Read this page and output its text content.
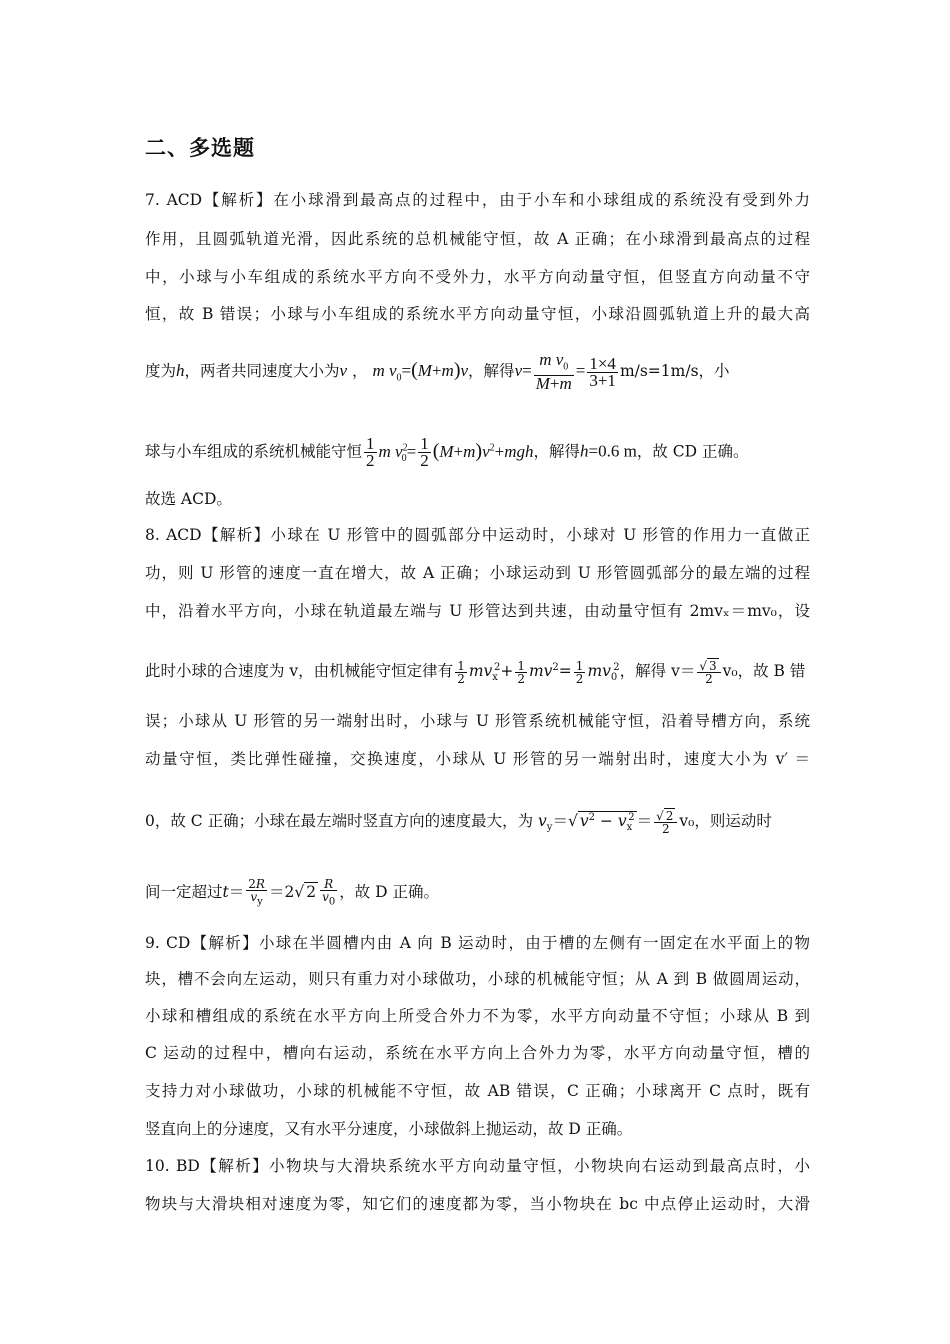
二、多选题
7. ACD【解析】在小球滑到最高点的过程中，由于小车和小球组成的系统没有受到外力
作用，且圆弧轨道光滑，因此系统的总机械能守恒，故 A 正确；在小球滑到最高点的过程
中，小球与小车组成的系统水平方向不受外力，水平方向动量守恒，但竖直方向动量不守
恒，故 B 错误；小球与小车组成的系统水平方向动量守恒，小球沿圆弧轨道上升的最大高
度为h，两者共同速度大小为v ， m $v_0=(M+m)v$，解得$v= \frac{m v_0}{M+m} = \frac{1\times 4}{3+1} m/s=1m/s$，小
球与小车组成的系统机械能守恒 $\frac{1}{2}$ m $v^2_0= \frac{1}{2} (M+m)v^2+mgh$，解得h=0.6 m，故 CD 正确。
故选 ACD。
8. ACD【解析】小球在 U 形管中的圆弧部分中运动时，小球对 U 形管的作用力一直做正
功，则 U 形管的速度一直在增大，故 A 正确；小球运动到 U 形管圆弧部分的最左端的过程
中，沿着水平方向，小球在轨道最左端与 U 形管达到共速，由动量守恒有 2mvₓ＝mv₀，设
此时小球的合速度为 v，由机械能守恒定律有 $\frac{1}{2} mv_x^2+ \frac{1}{2} mv^2= \frac{1}{2} mv_0^2$，解得 $v= \frac{√ 3}{2} v_0$，故 B 错
误；小球从 U 形管的另一端射出时，小球与 U 形管系统机械能守恒，沿着导槽方向，系统
动量守恒，类比弹性碰撞，交换速度，小球从 U 形管的另一端射出时，速度大小为 v′ ＝
0，故 C 正确；小球在最左端时竖直方向的速度最大，为 $v_y=√$ $v^2 - v_x^2 = \frac{√ 2}{2} v_0$，则运动时
间一定超过$t= \frac{2R}{v_y} =2√$ $2 \frac{R}{v_0}$ ，故 D 正确。
9. CD【解析】小球在半圆槽内由 A 向 B 运动时，由于槽的左侧有一固定在水平面上的物
块，槽不会向左运动，则只有重力对小球做功，小球的机械能守恒；从 A 到 B 做圆周运动，
小球和槽组成的系统在水平方向上所受合外力不为零，水平方向动量不守恒；小球从 B 到
C 运动的过程中，槽向右运动，系统在水平方向上合外力为零，水平方向动量守恒，槽的
支持力对小球做功，小球的机械能不守恒，故 AB 错误，C 正确；小球离开 C 点时，既有
竖直向上的分速度，又有水平分速度，小球做斜上抛运动，故 D 正确。
10. BD【解析】小物块与大滑块系统水平方向动量守恒，小物块向右运动到最高点时，小
物块与大滑块相对速度为零，知它们的速度都为零，当小物块在 bc 中点停止运动时，大滑
